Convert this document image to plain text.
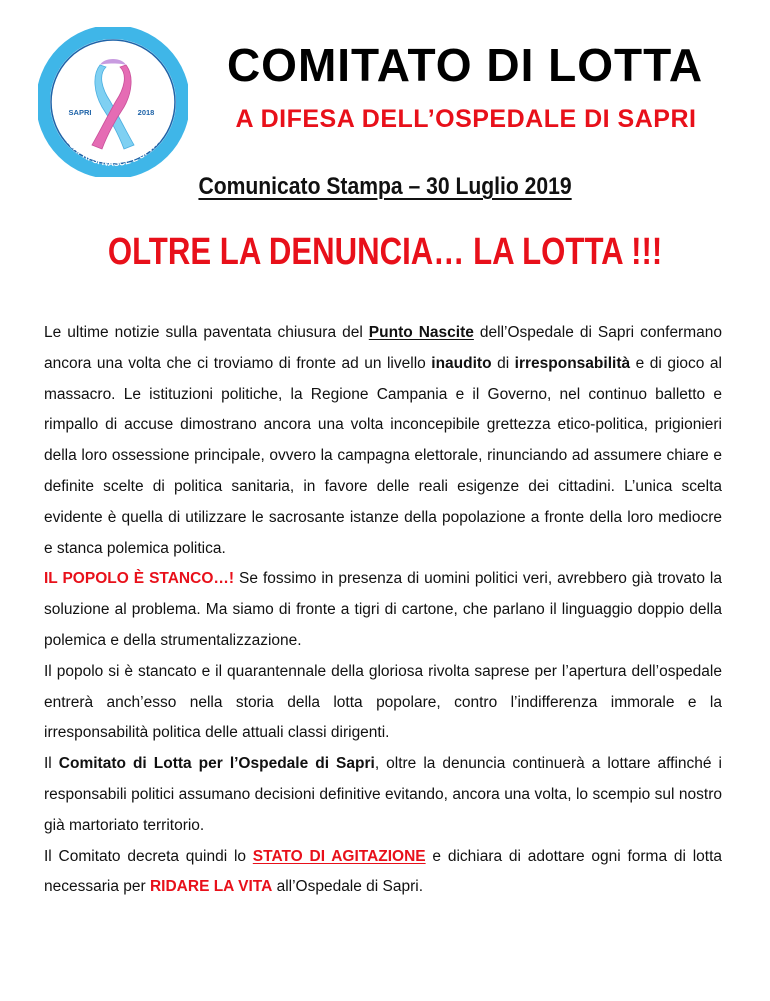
COMITATO DI LOTTA
A SAPRI SI NASCE E SI VIVE
SAPRI	2018
COMITATO DI LOTTA
A DIFESA DELL’OSPEDALE DI SAPRI
Comunicato Stampa – 30 Luglio 2019
OLTRE LA DENUNCIA… LA LOTTA !!!

Le ultime notizie sulla paventata chiusura del Punto Nascite dell’Ospedale di Sapri confermano ancora una volta che ci troviamo di fronte ad un livello inaudito di irresponsabilità e di gioco al massacro. Le istituzioni politiche, la Regione Campania e il Governo, nel continuo balletto e rimpallo di accuse dimostrano ancora una volta inconcepibile grettezza etico-politica, prigionieri della loro ossessione principale, ovvero la campagna elettorale, rinunciando ad assumere chiare e definite scelte di politica sanitaria, in favore delle reali esigenze dei cittadini. L’unica scelta evidente è quella di utilizzare le sacrosante istanze della popolazione a fronte della loro mediocre e stanca polemica politica.

IL POPOLO È STANCO…! Se fossimo in presenza di uomini politici veri, avrebbero già trovato la soluzione al problema. Ma siamo di fronte a tigri di cartone, che parlano il linguaggio doppio della polemica e della strumentalizzazione.

Il popolo si è stancato e il quarantennale della gloriosa rivolta saprese per l’apertura dell’ospedale entrerà anch’esso nella storia della lotta popolare, contro l’indifferenza immorale e la irresponsabilità politica delle attuali classi dirigenti.

Il Comitato di Lotta per l’Ospedale di Sapri, oltre la denuncia continuerà a lottare affinché i responsabili politici assumano decisioni definitive evitando, ancora una volta, lo scempio sul nostro già martoriato territorio.

Il Comitato decreta quindi lo STATO DI AGITAZIONE e dichiara di adottare ogni forma di lotta necessaria per RIDARE LA VITA all’Ospedale di Sapri.
